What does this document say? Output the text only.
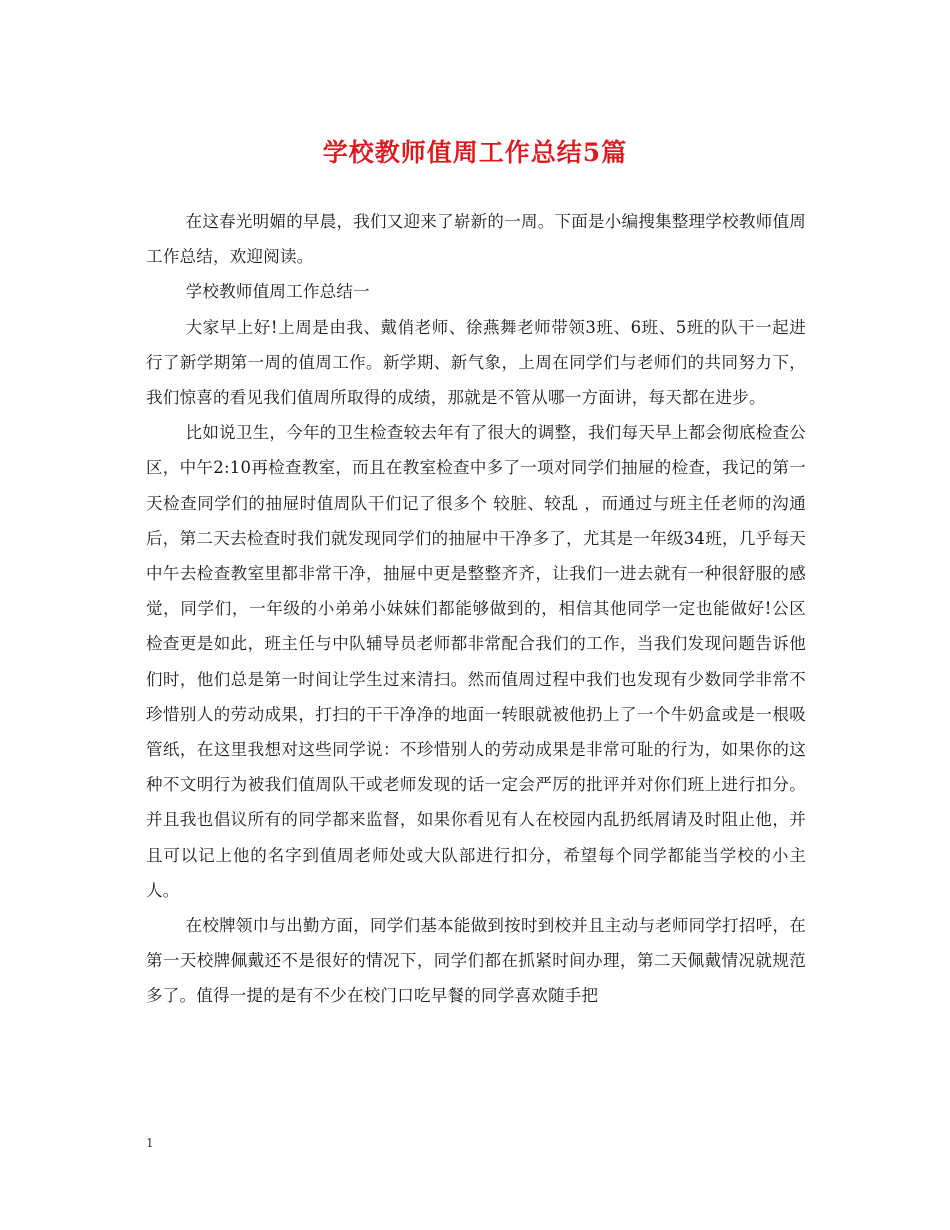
学校教师值周工作总结5篇

在这春光明媚的早晨，我们又迎来了崭新的一周。下面是小编搜集整理学校教师值周工作总结，欢迎阅读。

学校教师值周工作总结一

大家早上好!上周是由我、戴俏老师、徐燕舞老师带领3班、6班、5班的队干一起进行了新学期第一周的值周工作。新学期、新气象，上周在同学们与老师们的共同努力下，我们惊喜的看见我们值周所取得的成绩，那就是不管从哪一方面讲，每天都在进步。

比如说卫生，今年的卫生检查较去年有了很大的调整，我们每天早上都会彻底检查公区，中午2:10再检查教室，而且在教室检查中多了一项对同学们抽屉的检查，我记的第一天检查同学们的抽屉时值周队干们记了很多个 较脏、较乱 ，而通过与班主任老师的沟通后，第二天去检查时我们就发现同学们的抽屉中干净多了，尤其是一年级34班，几乎每天中午去检查教室里都非常干净，抽屉中更是整整齐齐，让我们一进去就有一种很舒服的感觉，同学们，一年级的小弟弟小妹妹们都能够做到的，相信其他同学一定也能做好!公区检查更是如此，班主任与中队辅导员老师都非常配合我们的工作，当我们发现问题告诉他们时，他们总是第一时间让学生过来清扫。然而值周过程中我们也发现有少数同学非常不珍惜别人的劳动成果，打扫的干干净净的地面一转眼就被他扔上了一个牛奶盒或是一根吸管纸，在这里我想对这些同学说：不珍惜别人的劳动成果是非常可耻的行为，如果你的这种不文明行为被我们值周队干或老师发现的话一定会严厉的批评并对你们班上进行扣分。并且我也倡议所有的同学都来监督，如果你看见有人在校园内乱扔纸屑请及时阻止他，并且可以记上他的名字到值周老师处或大队部进行扣分，希望每个同学都能当学校的小主人。

在校牌领巾与出勤方面，同学们基本能做到按时到校并且主动与老师同学打招呼，在第一天校牌佩戴还不是很好的情况下，同学们都在抓紧时间办理，第二天佩戴情况就规范多了。值得一提的是有不少在校门口吃早餐的同学喜欢随手把

1
